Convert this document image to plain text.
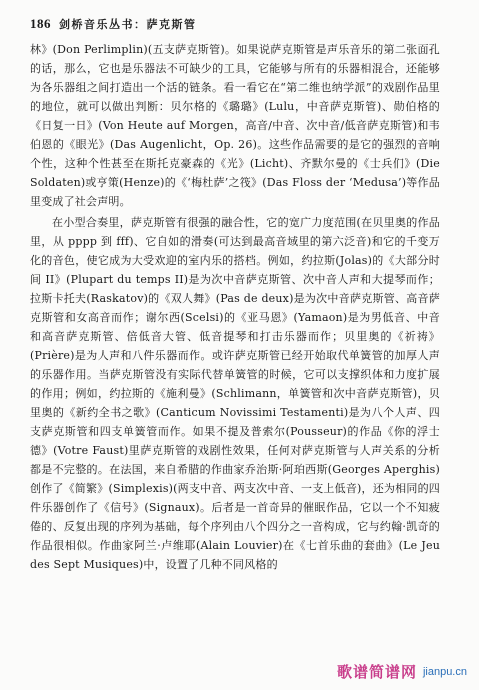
186 剑桥音乐丛书：萨克斯管

林》(Don Perlimplin)(五支萨克斯管)。如果说萨克斯管是声乐音乐的第二张面孔的话，那么，它也是乐器法不可缺少的工具，它能够与所有的乐器相混合，还能够为各乐器组之间打造出一个活的链条。看一看它在“第二维也纳学派”的戏剧作品里的地位，就可以做出判断：贝尔格的《璐璐》(Lulu，中音萨克斯管)、勋伯格的《日复一日》(Von Heute auf Morgen，高音/中音、次中音/低音萨克斯管)和韦伯恩的《眼光》(Das Augenlicht，Op. 26)。这些作品需要的是它的强烈的音响个性，这种个性甚至在斯托克豪森的《光》(Licht)、齐默尔曼的《士兵们》(Die Soldaten)或亨策(Henze)的《‘梅杜萨’之筏》(Das Floss der ‘Medusa’)等作品里变成了社会声明。

在小型合奏里，萨克斯管有很强的融合性，它的宽广力度范围(在贝里奥的作品里，从 pppp 到 fff)、它自如的滑奏(可达到最高音域里的第六泛音)和它的千变万化的音色，使它成为大受欢迎的室内乐的搭档。例如，约拉斯(Jolas)的《大部分时间 II》(Plupart du temps II)是为次中音萨克斯管、次中音人声和大提琴而作；拉斯卡托夫(Raskatov)的《双人舞》(Pas de deux)是为次中音萨克斯管、高音萨克斯管和女高音而作；谢尔西(Scelsi)的《亚马恩》(Yamaon)是为男低音、中音和高音萨克斯管、倍低音大管、低音提琴和打击乐器而作；贝里奥的《祈祷》(Prière)是为人声和八件乐器而作。或许萨克斯管已经开始取代单簧管的加厚人声的乐器作用。当萨克斯管没有实际代替单簧管的时候，它可以支撑织体和力度扩展的作用；例如，约拉斯的《施利曼》(Schlimann，单簧管和次中音萨克斯管)，贝里奥的《新约全书之歌》(Canticum Novissimi Testamenti)是为八个人声、四支萨克斯管和四支单簧管而作。如果不提及普索尔(Pousseur)的作品《你的浮士德》(Votre Faust)里萨克斯管的戏剧性效果，任何对萨克斯管与人声关系的分析都是不完整的。在法国，来自希腊的作曲家乔治斯·阿珀西斯(Georges Aperghis)创作了《简繁》(Simplexis)(两支中音、两支次中音、一支上低音)，还为相同的四件乐器创作了《信号》(Signaux)。后者是一首奇异的催眠作品，它以一个不知疲倦的、反复出现的序列为基础，每个序列由八个四分之一音构成，它与约翰·凯奇的作品很相似。作曲家阿兰·卢维耶(Alain Louvier)在《七首乐曲的套曲》(Le Jeu des Sept Musiques)中，设置了几种不同风格的

歌谱简谱网 jianpu.cn
